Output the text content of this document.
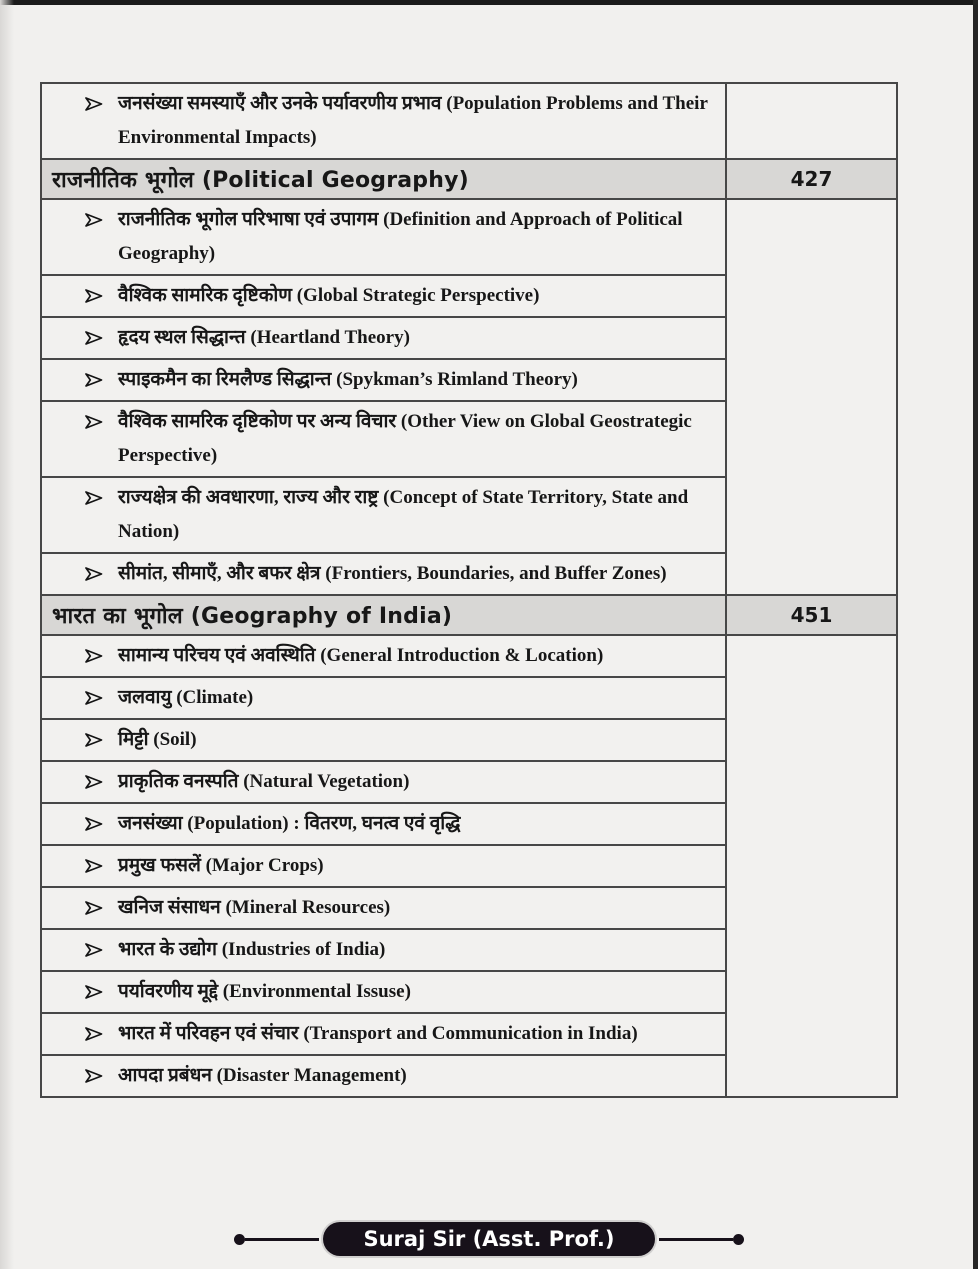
जनसंख्या समस्याएँ और उनके पर्यावरणीय प्रभाव (Population Problems and Their Environmental Impacts)	

राजनीतिक भूगोल (Political Geography)	427

राजनीतिक भूगोल परिभाषा एवं उपागम (Definition and Approach of Political Geography)	

वैश्विक सामरिक दृष्टिकोण (Global Strategic Perspective)	

हृदय स्थल सिद्धान्त (Heartland Theory)	

स्पाइकमैन का रिमलैण्ड सिद्धान्त (Spykman’s Rimland Theory)	

वैश्विक सामरिक दृष्टिकोण पर अन्य विचार (Other View on Global Geostrategic Perspective)	

राज्यक्षेत्र की अवधारणा, राज्य और राष्ट्र (Concept of State Territory, State and Nation)	

सीमांत, सीमाएँ, और बफर क्षेत्र (Frontiers, Boundaries, and Buffer Zones)	

भारत का भूगोल (Geography of India)	451

सामान्य परिचय एवं अवस्थिति (General Introduction & Location)	

जलवायु (Climate)	

मिट्टी (Soil)	

प्राकृतिक वनस्पति (Natural Vegetation)	

जनसंख्या (Population) : वितरण, घनत्व एवं वृद्धि	

प्रमुख फसलें (Major Crops)	

खनिज संसाधन (Mineral Resources)	

भारत के उद्योग (Industries of India)	

पर्यावरणीय मूद्दे (Environmental Issuse)	

भारत में परिवहन एवं संचार (Transport and Communication in India)	

आपदा प्रबंधन (Disaster Management)	
Suraj Sir (Asst. Prof.)
